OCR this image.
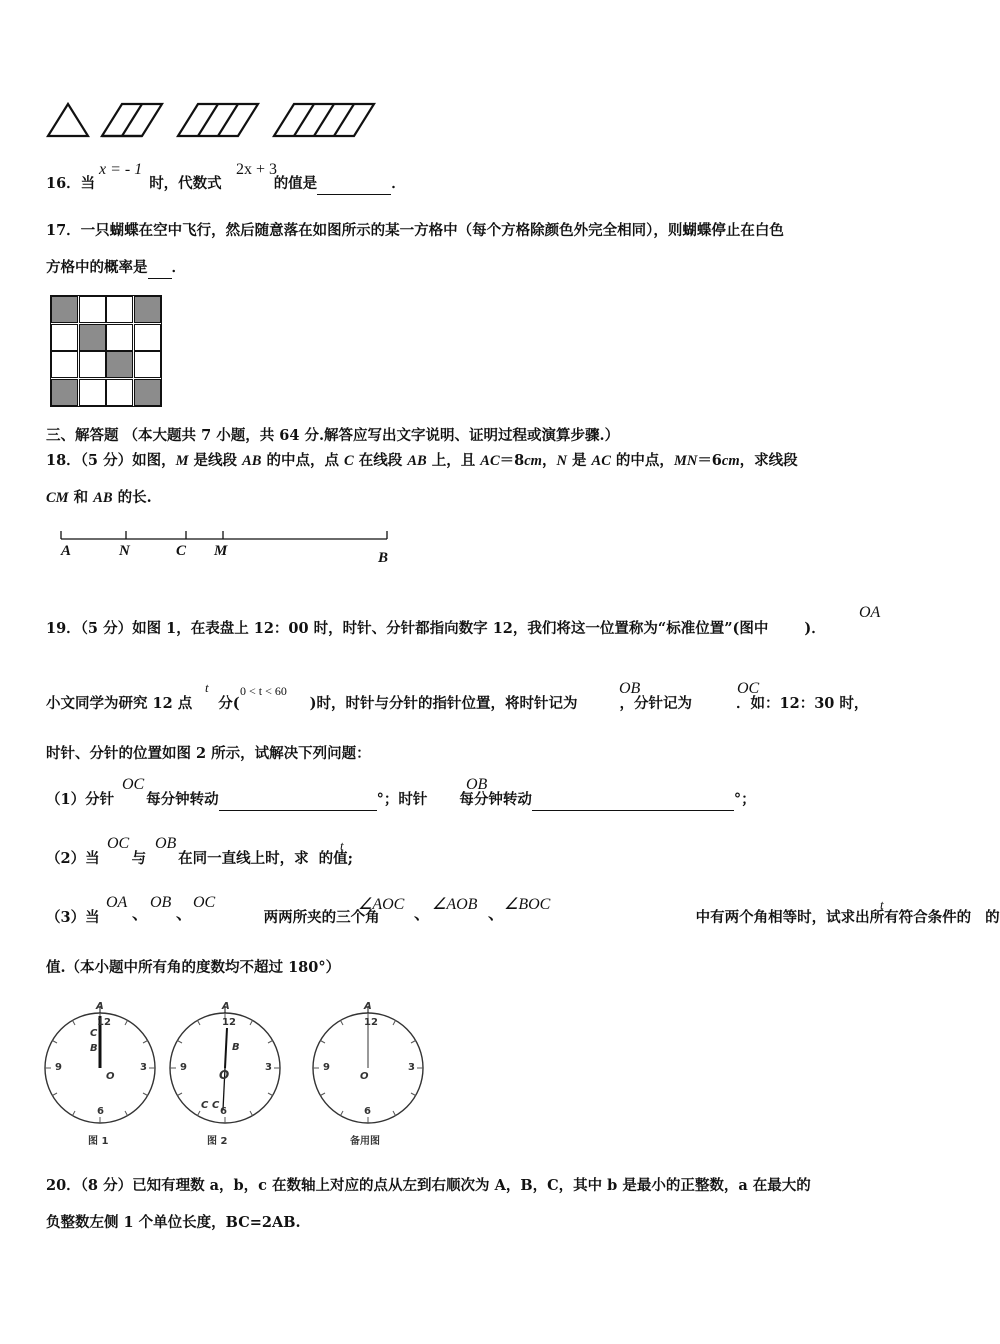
16．当	时，代数式	的值是	．
x = - 1	2x + 3
17．一只蝴蝶在空中飞行，然后随意落在如图所示的某一方格中（每个方格除颜色外完全相同），则蝴蝶停止在白色
方格中的概率是 ．
三、解答题 （本大题共 7 小题，共 64 分.解答应写出文字说明、证明过程或演算步骤.）
18．（5 分）如图，M 是线段 AB 的中点，点 C 在线段 AB 上，且 AC＝8cm，N 是 AC 的中点，MN＝6cm，求线段
CM 和 AB 的长.
A	N	C M	B
19．（5 分）如图 1，在表盘上 12：00 时，时针、分针都指向数字 12，我们将这一位置称为“标准位置”(图中 )．
OA
小文同学为研究 12 点 分(	)时，时针与分针的指针位置，将时针记为	，分针记为	．如：12：30 时，
t	0 < t < 60	OB	OC
时针、分针的位置如图 2 所示，试解决下列问题：
（1）分针 每分钟转动	°；时针 每分钟转动	°；
OC	OB
（2）当 与 在同一直线上时，求 的值;
OC OB	t
（3）当	两两所夹的三个角	中有两个角相等时，试求出所有符合条件的 的
OA
、
OB
、
OC	∠AOC
、
∠AOB
、
∠BOC	t
值.（本小题中所有角的度数均不超过 180°）
A
12
C
B
3
6
9
O
图 1
A
12
B
3
6
9
O
C C
图 2
A
12
3
6
9
O
备用图
20．（8 分）已知有理数 a，b，c 在数轴上对应的点从左到右顺次为 A，B，C，其中 b 是最小的正整数，a 在最大的
负整数左侧 1 个单位长度，BC=2AB.
